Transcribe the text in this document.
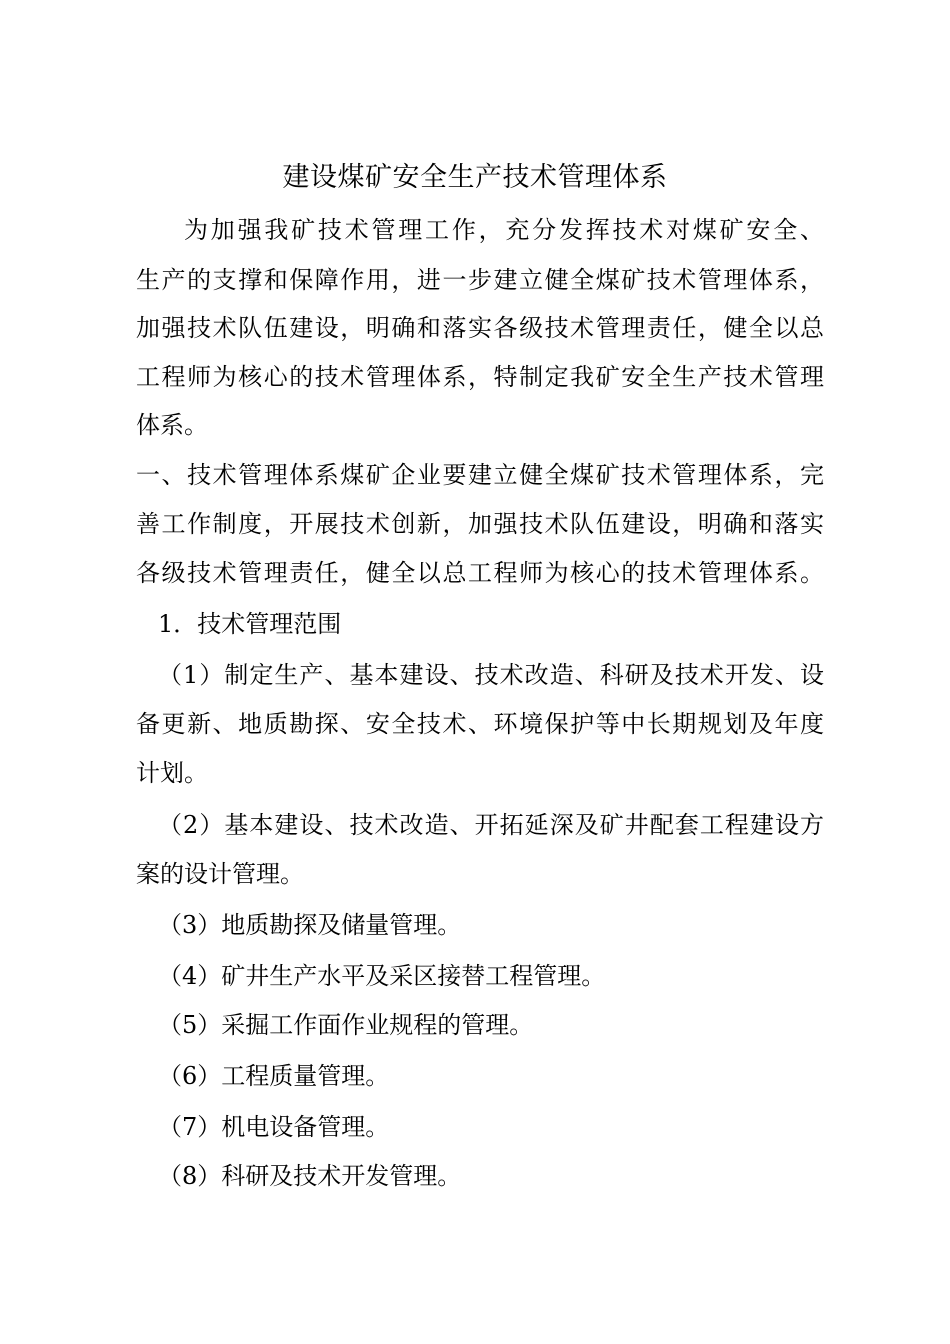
建设煤矿安全生产技术管理体系
为加强我矿技术管理工作，充分发挥技术对煤矿安全、
生产的支撑和保障作用，进一步建立健全煤矿技术管理体系，
加强技术队伍建设，明确和落实各级技术管理责任，健全以总
工程师为核心的技术管理体系，特制定我矿安全生产技术管理
体系。
一、技术管理体系煤矿企业要建立健全煤矿技术管理体系，完
善工作制度，开展技术创新，加强技术队伍建设，明确和落实
各级技术管理责任，健全以总工程师为核心的技术管理体系。
1．技术管理范围
（1）制定生产、基本建设、技术改造、科研及技术开发、设
备更新、地质勘探、安全技术、环境保护等中长期规划及年度
计划。
（2）基本建设、技术改造、开拓延深及矿井配套工程建设方
案的设计管理。
（3）地质勘探及储量管理。
（4）矿井生产水平及采区接替工程管理。
（5）采掘工作面作业规程的管理。
（6）工程质量管理。
（7）机电设备管理。
（8）科研及技术开发管理。
